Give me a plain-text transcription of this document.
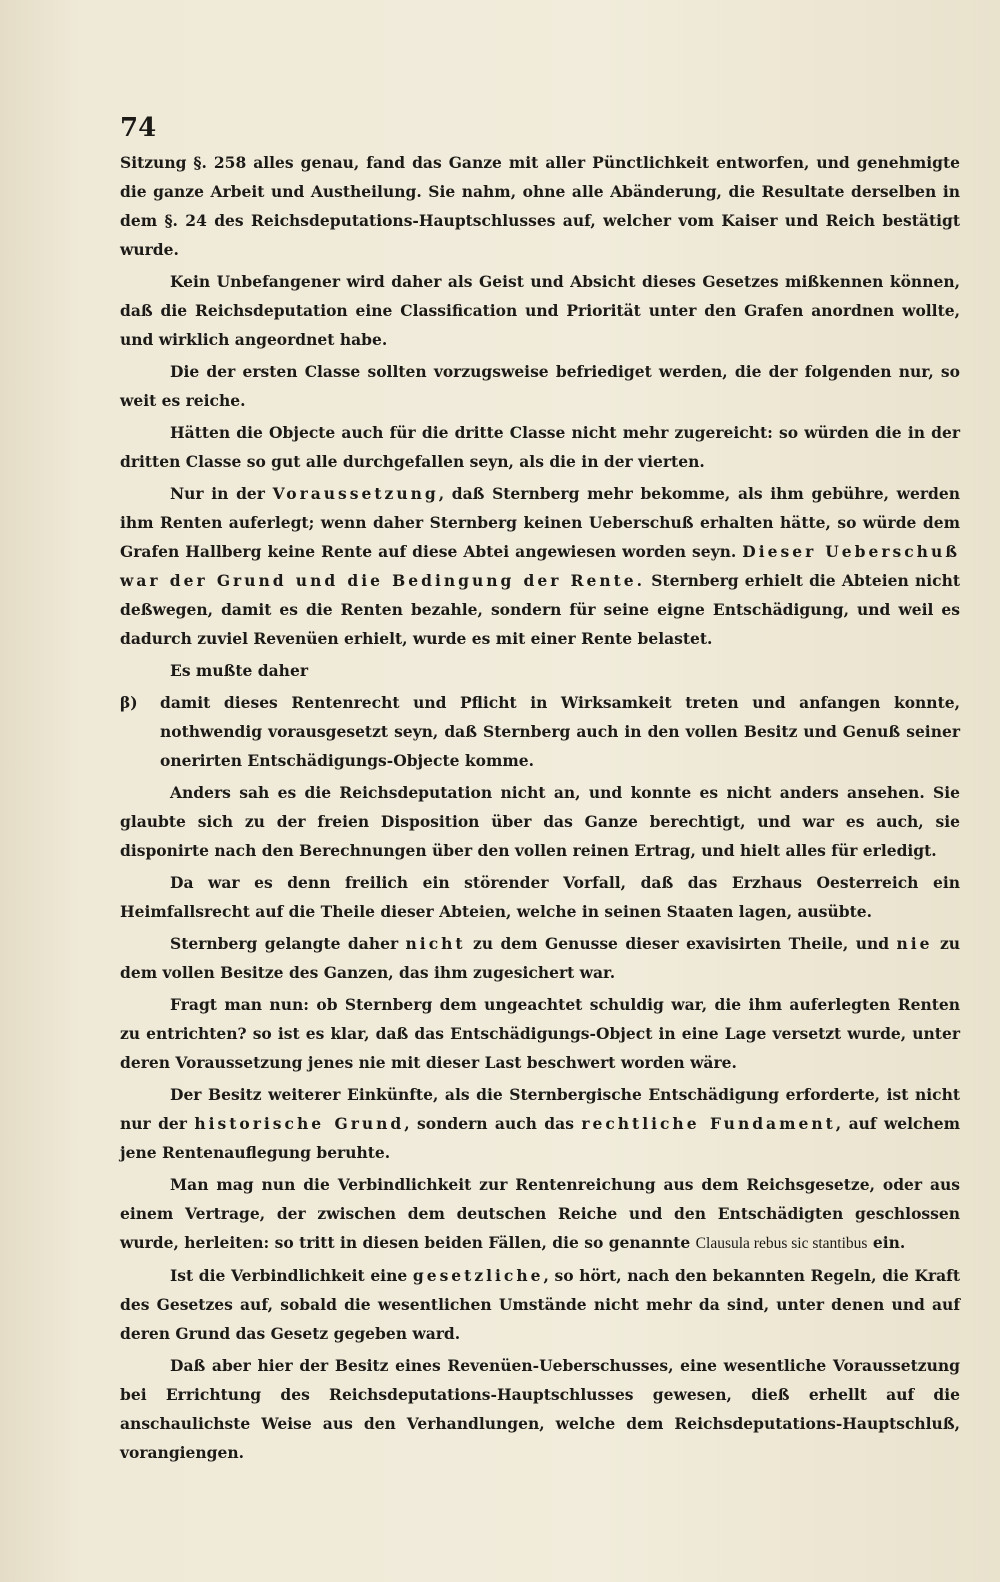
74

Sitzung §. 258 alles genau, fand das Ganze mit aller Pünctlichkeit entworfen, und genehmigte die ganze Arbeit und Austheilung. Sie nahm, ohne alle Abänderung, die Resultate derselben in dem §. 24 des Reichsdeputations-Hauptschlusses auf, welcher vom Kaiser und Reich bestätigt wurde.

Kein Unbefangener wird daher als Geist und Absicht dieses Gesetzes mißkennen können, daß die Reichsdeputation eine Classification und Priorität unter den Grafen anordnen wollte, und wirklich angeordnet habe.

Die der ersten Classe sollten vorzugsweise befriediget werden, die der folgenden nur, so weit es reiche.

Hätten die Objecte auch für die dritte Classe nicht mehr zugereicht: so würden die in der dritten Classe so gut alle durchgefallen seyn, als die in der vierten.

Nur in der Voraussetzung, daß Sternberg mehr bekomme, als ihm gebühre, werden ihm Renten auferlegt; wenn daher Sternberg keinen Ueberschuß erhalten hätte, so würde dem Grafen Hallberg keine Rente auf diese Abtei angewiesen worden seyn. Dieser Ueberschuß war der Grund und die Bedingung der Rente. Sternberg erhielt die Abteien nicht deßwegen, damit es die Renten bezahle, sondern für seine eigne Entschädigung, und weil es dadurch zuviel Revenüen erhielt, wurde es mit einer Rente belastet.

Es mußte daher

β) damit dieses Rentenrecht und Pflicht in Wirksamkeit treten und anfangen konnte, nothwendig vorausgesetzt seyn, daß Sternberg auch in den vollen Besitz und Genuß seiner onerirten Entschädigungs-Objecte komme.

Anders sah es die Reichsdeputation nicht an, und konnte es nicht anders ansehen. Sie glaubte sich zu der freien Disposition über das Ganze berechtigt, und war es auch, sie disponirte nach den Berechnungen über den vollen reinen Ertrag, und hielt alles für erledigt.

Da war es denn freilich ein störender Vorfall, daß das Erzhaus Oesterreich ein Heimfallsrecht auf die Theile dieser Abteien, welche in seinen Staaten lagen, ausübte.

Sternberg gelangte daher nicht zu dem Genusse dieser exavisirten Theile, und nie zu dem vollen Besitze des Ganzen, das ihm zugesichert war.

Fragt man nun: ob Sternberg dem ungeachtet schuldig war, die ihm auferlegten Renten zu entrichten? so ist es klar, daß das Entschädigungs-Object in eine Lage versetzt wurde, unter deren Voraussetzung jenes nie mit dieser Last beschwert worden wäre.

Der Besitz weiterer Einkünfte, als die Sternbergische Entschädigung erforderte, ist nicht nur der historische Grund, sondern auch das rechtliche Fundament, auf welchem jene Rentenauflegung beruhte.

Man mag nun die Verbindlichkeit zur Rentenreichung aus dem Reichsgesetze, oder aus einem Vertrage, der zwischen dem deutschen Reiche und den Entschädigten geschlossen wurde, herleiten: so tritt in diesen beiden Fällen, die so genannte Clausula rebus sic stantibus ein.

Ist die Verbindlichkeit eine gesetzliche, so hört, nach den bekannten Regeln, die Kraft des Gesetzes auf, sobald die wesentlichen Umstände nicht mehr da sind, unter denen und auf deren Grund das Gesetz gegeben ward.

Daß aber hier der Besitz eines Revenüen-Ueberschusses, eine wesentliche Voraussetzung bei Errichtung des Reichsdeputations-Hauptschlusses gewesen, dieß erhellt auf die anschaulichste Weise aus den Verhandlungen, welche dem Reichsdeputations-Hauptschluß, vorangiengen.
